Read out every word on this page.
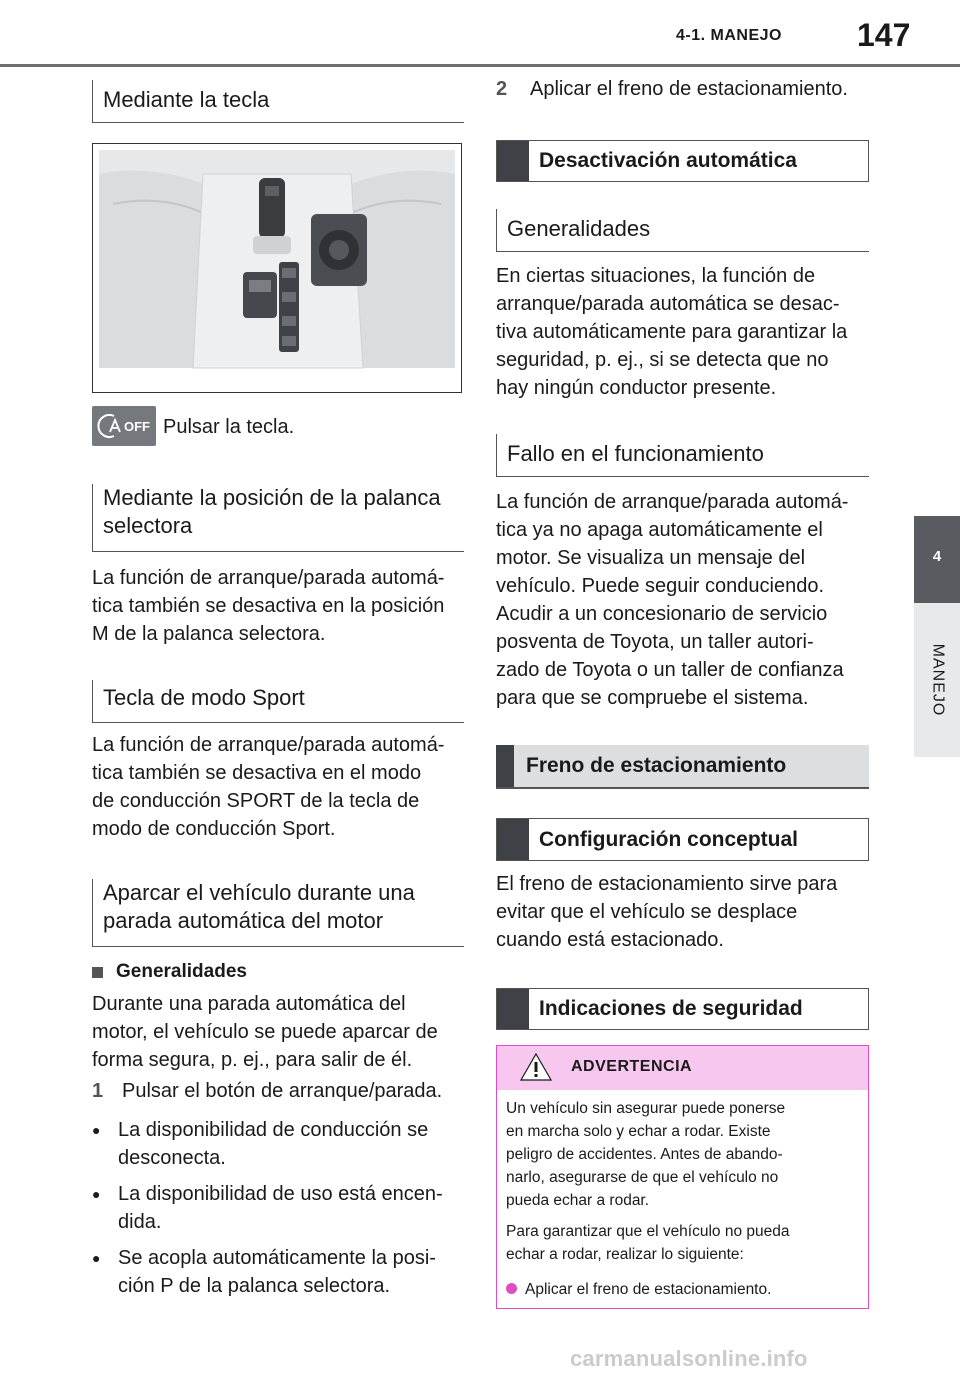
4-1. MANEJO 147
4
MANEJO
Mediante la tecla
OFF Pulsar la tecla.
Mediante la posición de la palanca selectora

La función de arranque/parada automá-

tica también se desactiva en la posición

M de la palanca selectora.

Tecla de modo Sport

La función de arranque/parada automá-

tica también se desactiva en el modo

de conducción SPORT de la tecla de

modo de conducción Sport.

Aparcar el vehículo durante una parada automática del motor
Generalidades

Durante una parada automática del

motor, el vehículo se puede aparcar de

forma segura, p. ej., para salir de él.

1 Pulsar el botón de arranque/parada.
● La disponibilidad de conducción se
desconecta.
● La disponibilidad de uso está encen-
dida.
● Se acopla automáticamente la posi-
ción P de la palanca selectora.
2	Aplicar el freno de estacionamiento.
Desactivación automática
Generalidades

En ciertas situaciones, la función de

arranque/parada automática se desac-

tiva automáticamente para garantizar la

seguridad, p. ej., si se detecta que no

hay ningún conductor presente.

Fallo en el funcionamiento

La función de arranque/parada automá-

tica ya no apaga automáticamente el

motor. Se visualiza un mensaje del

vehículo. Puede seguir conduciendo.

Acudir a un concesionario de servicio

posventa de Toyota, un taller autori-

zado de Toyota o un taller de confianza

para que se compruebe el sistema.

Freno de estacionamiento
Configuración conceptual

El freno de estacionamiento sirve para

evitar que el vehículo se desplace

cuando está estacionado.

Indicaciones de seguridad
ADVERTENCIA

Un vehículo sin asegurar puede ponerse
en marcha solo y echar a rodar. Existe
peligro de accidentes. Antes de abando-
narlo, asegurarse de que el vehículo no
pueda echar a rodar.

Para garantizar que el vehículo no pueda
echar a rodar, realizar lo siguiente:

Aplicar el freno de estacionamiento.

carmanualsonline.info
